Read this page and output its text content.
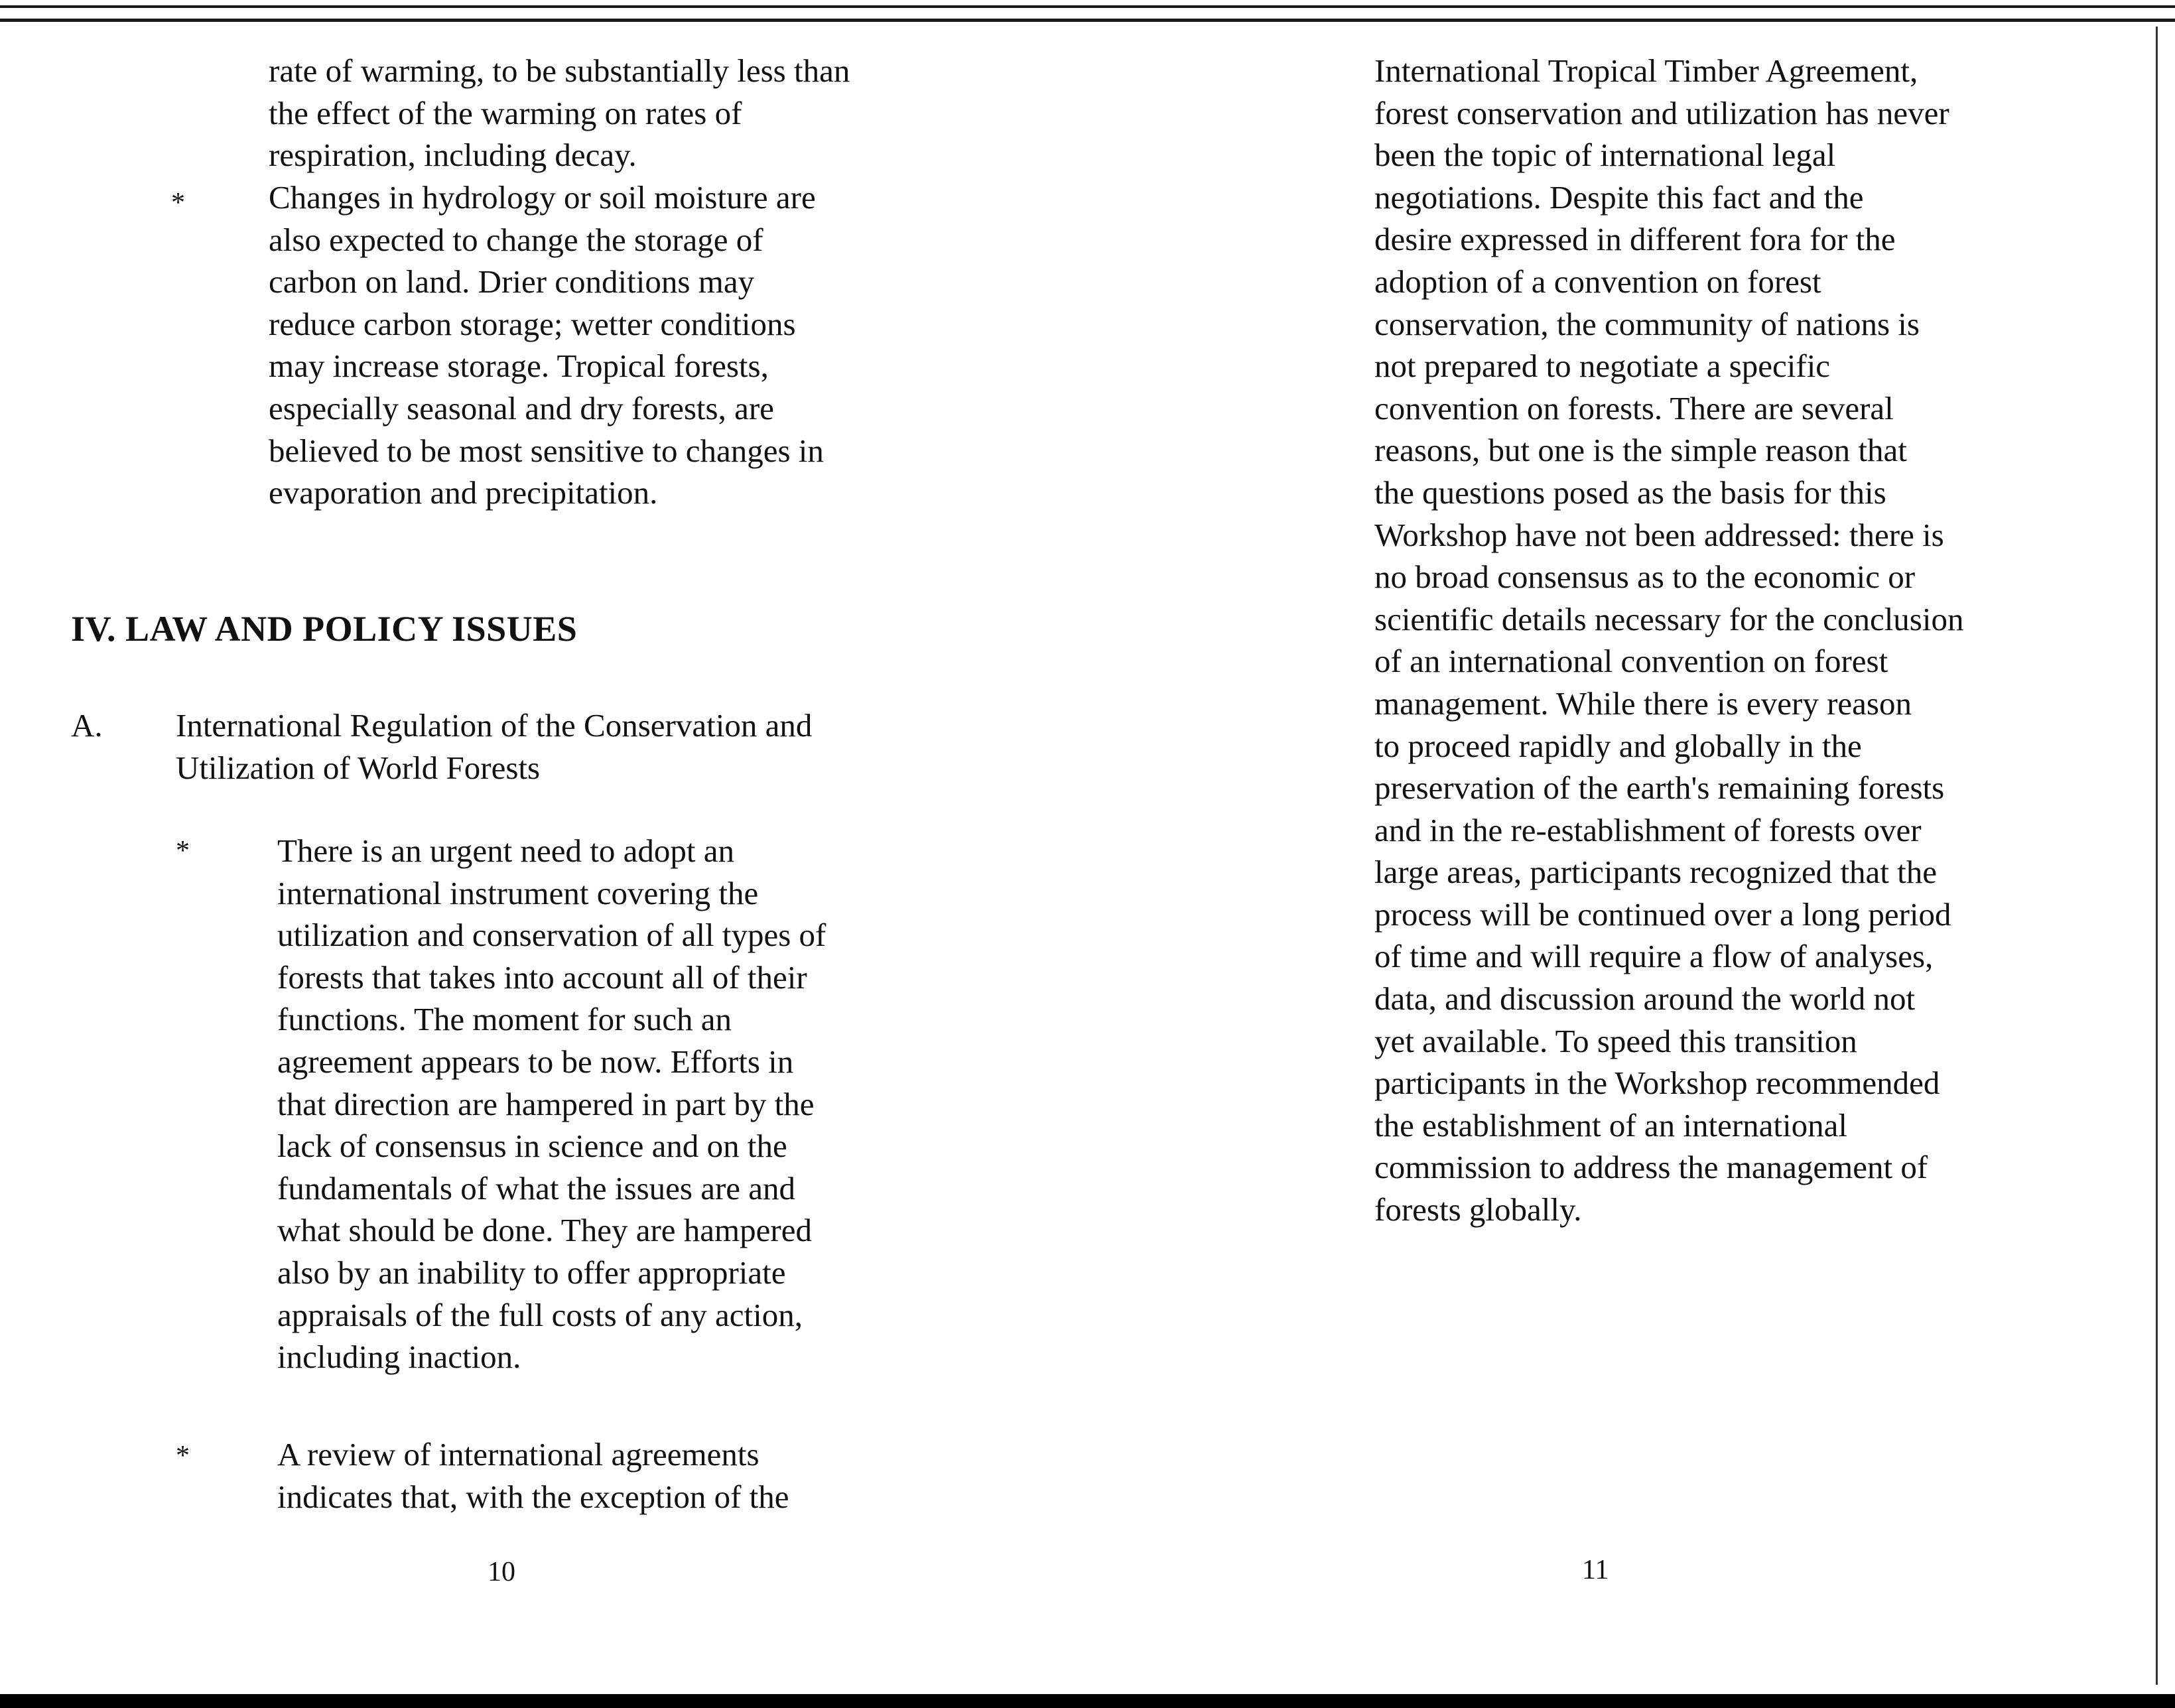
rate of warming, to be substantially less than
the effect of the warming on rates of
respiration, including decay.

*	Changes in hydrology or soil moisture are
also expected to change the storage of
carbon on land. Drier conditions may
reduce carbon storage; wetter conditions
may increase storage. Tropical forests,
especially seasonal and dry forests, are
believed to be most sensitive to changes in
evaporation and precipitation.

IV. LAW AND POLICY ISSUES
A. International Regulation of the Conservation and
Utilization of World Forests

*	There is an urgent need to adopt an
international instrument covering the
utilization and conservation of all types of
forests that takes into account all of their
functions. The moment for such an
agreement appears to be now. Efforts in
that direction are hampered in part by the
lack of consensus in science and on the
fundamentals of what the issues are and
what should be done. They are hampered
also by an inability to offer appropriate
appraisals of the full costs of any action,
including inaction.

*	A review of international agreements
indicates that, with the exception of the

10

International Tropical Timber Agreement,
forest conservation and utilization has never
been the topic of international legal
negotiations. Despite this fact and the
desire expressed in different fora for the
adoption of a convention on forest
conservation, the community of nations is
not prepared to negotiate a specific
convention on forests. There are several
reasons, but one is the simple reason that
the questions posed as the basis for this
Workshop have not been addressed: there is
no broad consensus as to the economic or
scientific details necessary for the conclusion
of an international convention on forest
management. While there is every reason
to proceed rapidly and globally in the
preservation of the earth's remaining forests
and in the re-establishment of forests over
large areas, participants recognized that the
process will be continued over a long period
of time and will require a flow of analyses,
data, and discussion around the world not
yet available. To speed this transition
participants in the Workshop recommended
the establishment of an international
commission to address the management of
forests globally.

11
